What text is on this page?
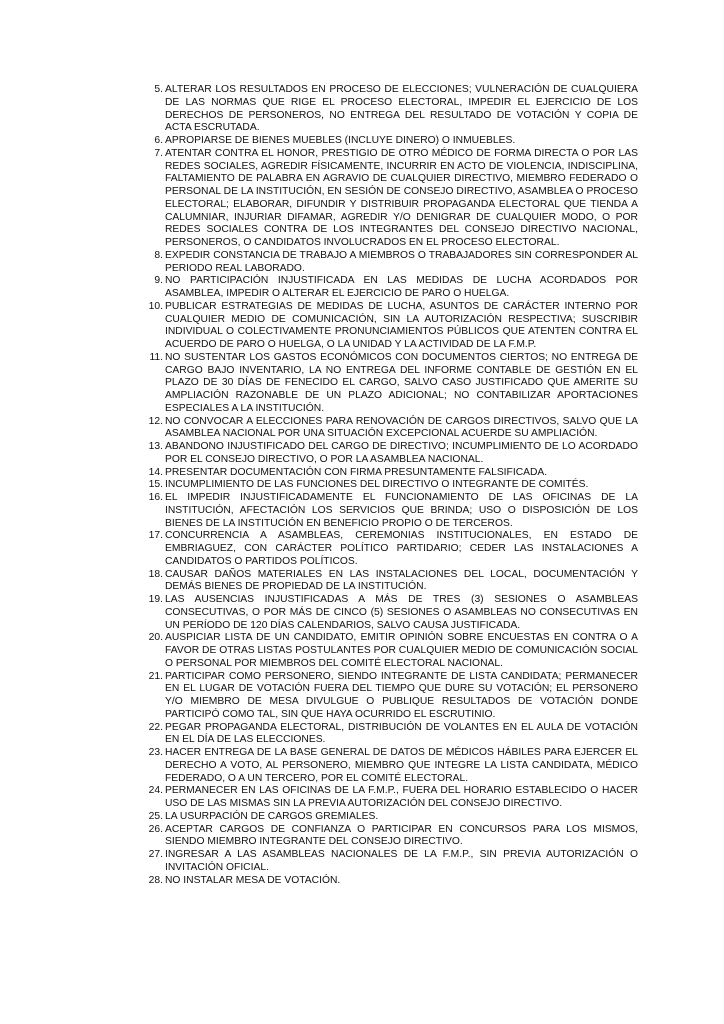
5. ALTERAR LOS RESULTADOS EN PROCESO DE ELECCIONES; VULNERACIÓN DE CUALQUIERA DE LAS NORMAS QUE RIGE EL PROCESO ELECTORAL, IMPEDIR EL EJERCICIO DE LOS DERECHOS DE PERSONEROS, NO ENTREGA DEL RESULTADO DE VOTACIÓN Y COPIA DE ACTA ESCRUTADA.
6. APROPIARSE DE BIENES MUEBLES (INCLUYE DINERO) O INMUEBLES.
7. ATENTAR CONTRA EL HONOR, PRESTIGIO DE OTRO MÉDICO DE FORMA DIRECTA O POR LAS REDES SOCIALES, AGREDIR FÍSICAMENTE, INCURRIR EN ACTO DE VIOLENCIA, INDISCIPLINA, FALTAMIENTO DE PALABRA EN AGRAVIO DE CUALQUIER DIRECTIVO, MIEMBRO FEDERADO O PERSONAL DE LA INSTITUCIÓN, EN SESIÓN DE CONSEJO DIRECTIVO, ASAMBLEA O PROCESO ELECTORAL; ELABORAR, DIFUNDIR Y DISTRIBUIR PROPAGANDA ELECTORAL QUE TIENDA A CALUMNIAR, INJURIAR DIFAMAR, AGREDIR Y/O DENIGRAR DE CUALQUIER MODO, O POR REDES SOCIALES CONTRA DE LOS INTEGRANTES DEL CONSEJO DIRECTIVO NACIONAL, PERSONEROS, O CANDIDATOS INVOLUCRADOS EN EL PROCESO ELECTORAL.
8. EXPEDIR CONSTANCIA DE TRABAJO A MIEMBROS O TRABAJADORES SIN CORRESPONDER AL PERIODO REAL LABORADO.
9. NO PARTICIPACIÓN INJUSTIFICADA EN LAS MEDIDAS DE LUCHA ACORDADOS POR ASAMBLEA, IMPEDIR O ALTERAR EL EJERCICIO DE PARO O HUELGA.
10. PUBLICAR ESTRATEGIAS DE MEDIDAS DE LUCHA, ASUNTOS DE CARÁCTER INTERNO POR CUALQUIER MEDIO DE COMUNICACIÓN, SIN LA AUTORIZACIÓN RESPECTIVA; SUSCRIBIR INDIVIDUAL O COLECTIVAMENTE PRONUNCIAMIENTOS PÚBLICOS QUE ATENTEN CONTRA EL ACUERDO DE PARO O HUELGA, O LA UNIDAD Y LA ACTIVIDAD DE LA F.M.P.
11. NO SUSTENTAR LOS GASTOS ECONÓMICOS CON DOCUMENTOS CIERTOS; NO ENTREGA DE CARGO BAJO INVENTARIO, LA NO ENTREGA DEL INFORME CONTABLE DE GESTIÓN EN EL PLAZO DE 30 DÍAS DE FENECIDO EL CARGO, SALVO CASO JUSTIFICADO QUE AMERITE SU AMPLIACIÓN RAZONABLE DE UN PLAZO ADICIONAL; NO CONTABILIZAR APORTACIONES ESPECIALES A LA INSTITUCIÓN.
12. NO CONVOCAR A ELECCIONES PARA RENOVACIÓN DE CARGOS DIRECTIVOS, SALVO QUE LA ASAMBLEA NACIONAL POR UNA SITUACIÓN EXCEPCIONAL ACUERDE SU AMPLIACIÓN.
13. ABANDONO INJUSTIFICADO DEL CARGO DE DIRECTIVO; INCUMPLIMIENTO DE LO ACORDADO POR EL CONSEJO DIRECTIVO, O POR LA ASAMBLEA NACIONAL.
14. PRESENTAR DOCUMENTACIÓN CON FIRMA PRESUNTAMENTE FALSIFICADA.
15. INCUMPLIMIENTO DE LAS FUNCIONES DEL DIRECTIVO O INTEGRANTE DE COMITÉS.
16. EL IMPEDIR INJUSTIFICADAMENTE EL FUNCIONAMIENTO DE LAS OFICINAS DE LA INSTITUCIÓN, AFECTACIÓN LOS SERVICIOS QUE BRINDA; USO O DISPOSICIÓN DE LOS BIENES DE LA INSTITUCIÓN EN BENEFICIO PROPIO O DE TERCEROS.
17. CONCURRENCIA A ASAMBLEAS, CEREMONIAS INSTITUCIONALES, EN ESTADO DE EMBRIAGUEZ, CON CARÁCTER POLÍTICO PARTIDARIO; CEDER LAS INSTALACIONES A CANDIDATOS O PARTIDOS POLÍTICOS.
18. CAUSAR DAÑOS MATERIALES EN LAS INSTALACIONES DEL LOCAL, DOCUMENTACIÓN Y DEMÁS BIENES DE PROPIEDAD DE LA INSTITUCIÓN.
19. LAS AUSENCIAS INJUSTIFICADAS A MÁS DE TRES (3) SESIONES O ASAMBLEAS CONSECUTIVAS, O POR MÁS DE CINCO (5) SESIONES O ASAMBLEAS NO CONSECUTIVAS EN UN PERÍODO DE 120 DÍAS CALENDARIOS, SALVO CAUSA JUSTIFICADA.
20. AUSPICIAR LISTA DE UN CANDIDATO, EMITIR OPINIÓN SOBRE ENCUESTAS EN CONTRA O A FAVOR DE OTRAS LISTAS POSTULANTES POR CUALQUIER MEDIO DE COMUNICACIÓN SOCIAL O PERSONAL POR MIEMBROS DEL COMITÉ ELECTORAL NACIONAL.
21. PARTICIPAR COMO PERSONERO, SIENDO INTEGRANTE DE LISTA CANDIDATA; PERMANECER EN EL LUGAR DE VOTACIÓN FUERA DEL TIEMPO QUE DURE SU VOTACIÓN; EL PERSONERO Y/O MIEMBRO DE MESA DIVULGUE O PUBLIQUE RESULTADOS DE VOTACIÓN DONDE PARTICIPÓ COMO TAL, SIN QUE HAYA OCURRIDO EL ESCRUTINIO.
22. PEGAR PROPAGANDA ELECTORAL, DISTRIBUCIÓN DE VOLANTES EN EL AULA DE VOTACIÓN EN EL DÍA DE LAS ELECCIONES.
23. HACER ENTREGA DE LA BASE GENERAL DE DATOS DE MÉDICOS HÁBILES PARA EJERCER EL DERECHO A VOTO, AL PERSONERO, MIEMBRO QUE INTEGRE LA LISTA CANDIDATA, MÉDICO FEDERADO, O A UN TERCERO, POR EL COMITÉ ELECTORAL.
24. PERMANECER EN LAS OFICINAS DE LA F.M.P., FUERA DEL HORARIO ESTABLECIDO O HACER USO DE LAS MISMAS SIN LA PREVIA AUTORIZACIÓN DEL CONSEJO DIRECTIVO.
25. LA USURPACIÓN DE CARGOS GREMIALES.
26. ACEPTAR CARGOS DE CONFIANZA O PARTICIPAR EN CONCURSOS PARA LOS MISMOS, SIENDO MIEMBRO INTEGRANTE DEL CONSEJO DIRECTIVO.
27. INGRESAR A LAS ASAMBLEAS NACIONALES DE LA F.M.P., SIN PREVIA AUTORIZACIÓN O INVITACIÓN OFICIAL.
28. NO INSTALAR MESA DE VOTACIÓN.
